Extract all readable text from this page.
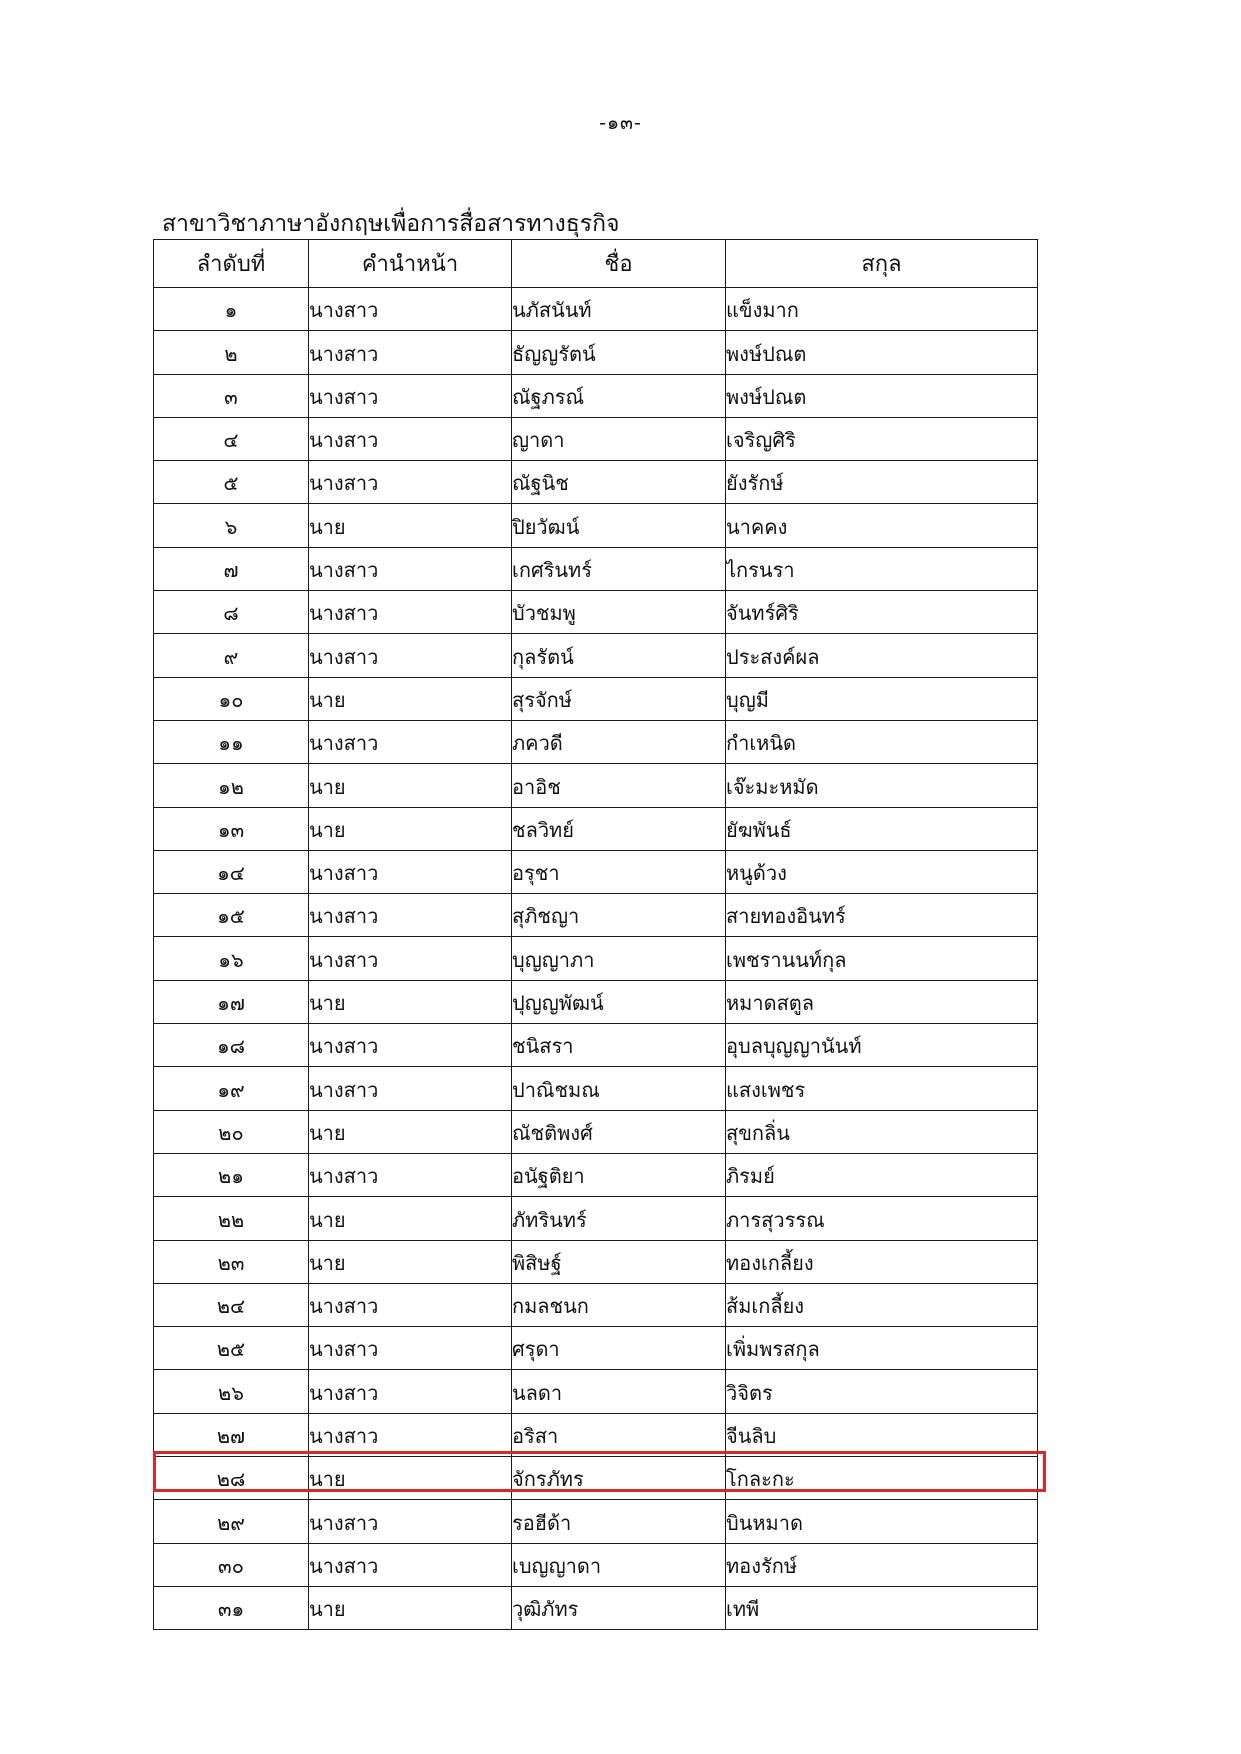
-๑๓-
สาขาวิชาภาษาอังกฤษเพื่อการสื่อสารทางธุรกิจ
ลำดับที่	คำนำหน้า	ชื่อ	สกุล
๑	นางสาว	นภัสนันท์	แข็งมาก
๒	นางสาว	ธัญญรัตน์	พงษ์ปณต
๓	นางสาว	ณัฐภรณ์	พงษ์ปณต
๔	นางสาว	ญาดา	เจริญศิริ
๕	นางสาว	ณัฐนิช	ยังรักษ์
๖	นาย	ปิยวัฒน์	นาคคง
๗	นางสาว	เกศรินทร์	ไกรนรา
๘	นางสาว	บัวชมพู	จันทร์ศิริ
๙	นางสาว	กุลรัตน์	ประสงค์ผล
๑๐	นาย	สุรจักษ์	บุญมี
๑๑	นางสาว	ภควดี	กำเหนิด
๑๒	นาย	อาอิช	เจ๊ะมะหมัด
๑๓	นาย	ชลวิทย์	ยัฆพันธ์
๑๔	นางสาว	อรุชา	หนูด้วง
๑๕	นางสาว	สุภิชญา	สายทองอินทร์
๑๖	นางสาว	บุญญาภา	เพชรานนท์กุล
๑๗	นาย	ปุญญพัฒน์	หมาดสตูล
๑๘	นางสาว	ชนิสรา	อุบลบุญญานันท์
๑๙	นางสาว	ปาณิชมณ	แสงเพชร
๒๐	นาย	ณัชติพงศ์	สุขกลิ่น
๒๑	นางสาว	อนัฐติยา	ภิรมย์
๒๒	นาย	ภัทรินทร์	ภารสุวรรณ
๒๓	นาย	พิสิษฐ์	ทองเกลี้ยง
๒๔	นางสาว	กมลชนก	ส้มเกลี้ยง
๒๕	นางสาว	ศรุดา	เพิ่มพรสกุล
๒๖	นางสาว	นลดา	วิจิตร
๒๗	นางสาว	อริสา	จีนลิบ
๒๘	นาย	จักรภัทร	โกละกะ
๒๙	นางสาว	รอฮีด้า	บินหมาด
๓๐	นางสาว	เบญญาดา	ทองรักษ์
๓๑	นาย	วุฒิภัทร	เทพี
